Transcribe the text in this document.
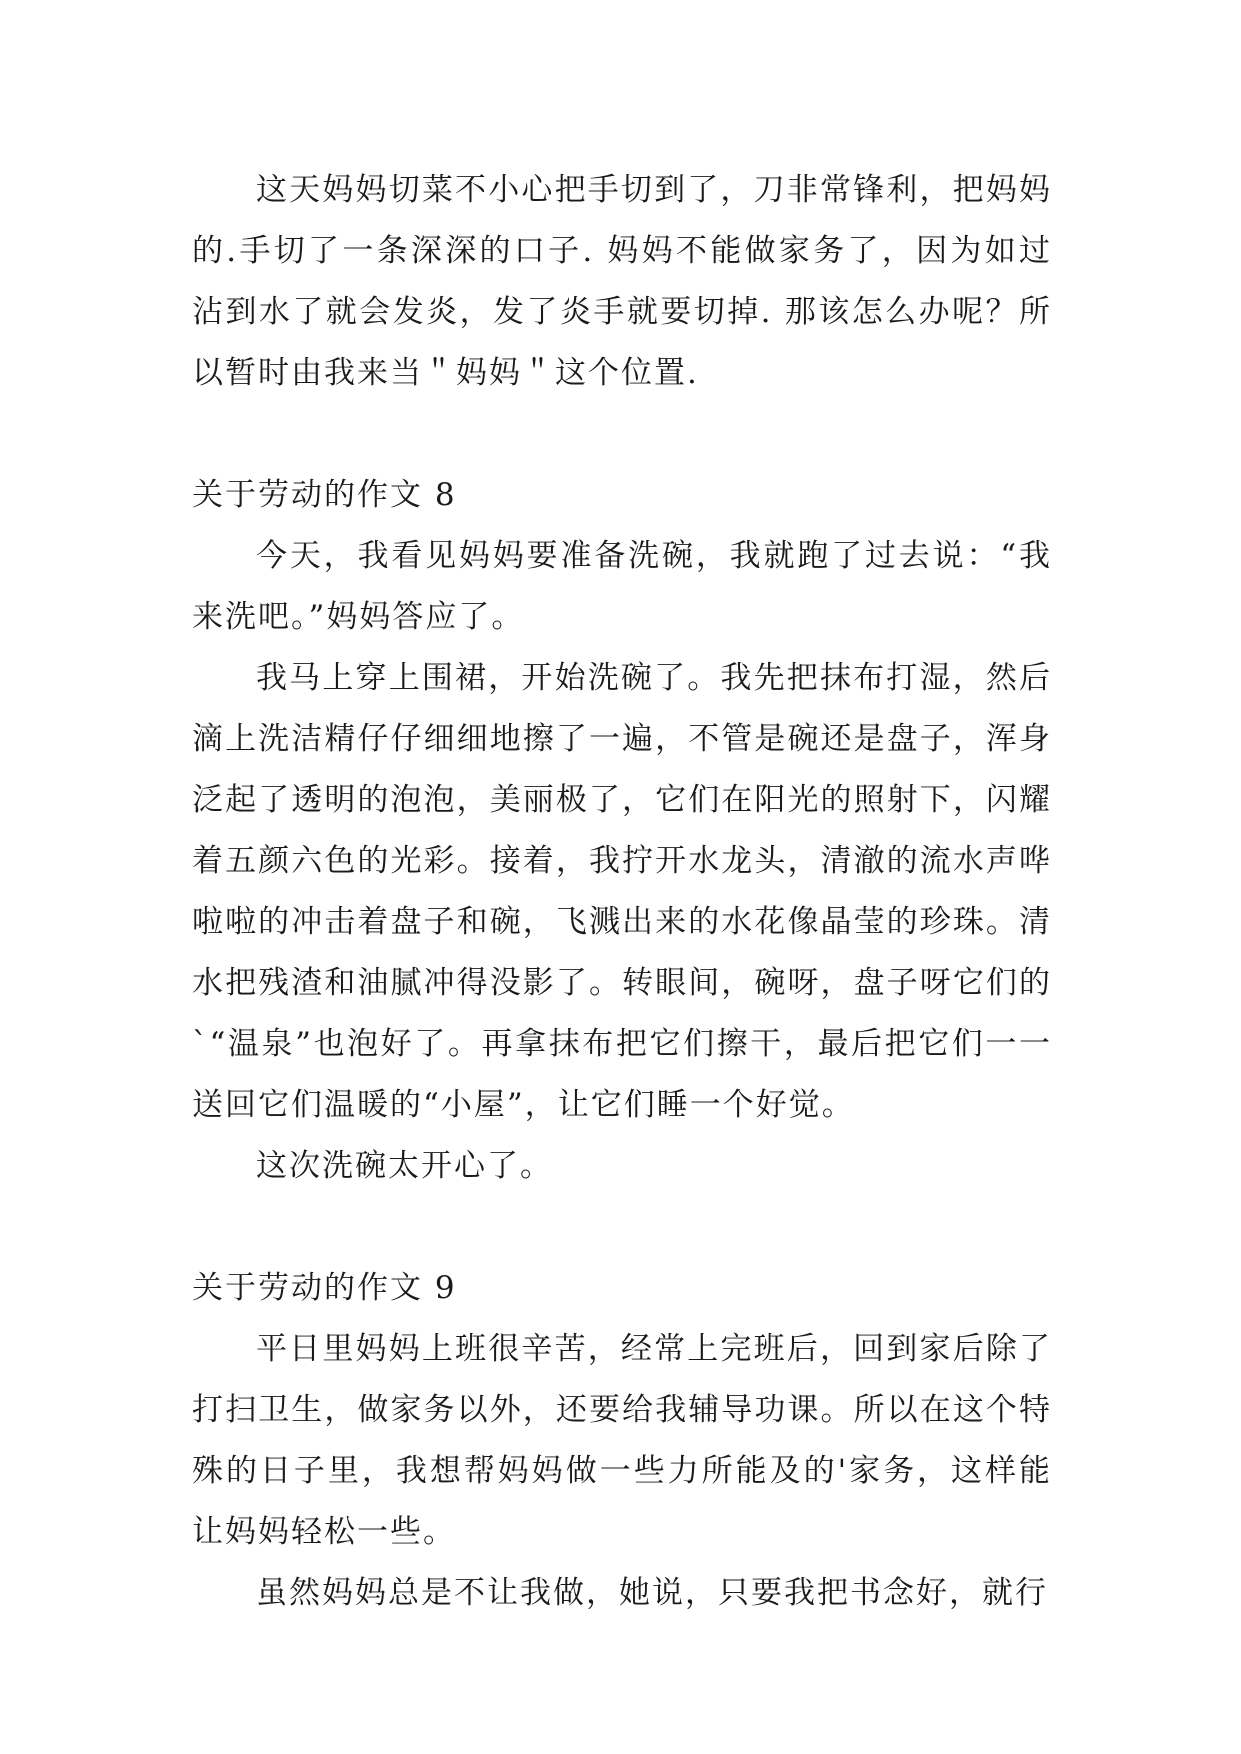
这天妈妈切菜不小心把手切到了，刀非常锋利，把妈妈的.手切了一条深深的口子. 妈妈不能做家务了，因为如过沾到水了就会发炎，发了炎手就要切掉. 那该怎么办呢？所以暂时由我来当＂妈妈＂这个位置.

关于劳动的作文 8

今天，我看见妈妈要准备洗碗，我就跑了过去说：“我来洗吧。”妈妈答应了。

我马上穿上围裙，开始洗碗了。我先把抹布打湿，然后滴上洗洁精仔仔细细地擦了一遍，不管是碗还是盘子，浑身泛起了透明的泡泡，美丽极了，它们在阳光的照射下，闪耀着五颜六色的光彩。接着，我拧开水龙头，清澈的流水声哗啦啦的冲击着盘子和碗，飞溅出来的水花像晶莹的珍珠。清水把残渣和油腻冲得没影了。转眼间，碗呀，盘子呀它们的`“温泉”也泡好了。再拿抹布把它们擦干，最后把它们一一送回它们温暖的“小屋”，让它们睡一个好觉。

这次洗碗太开心了。

关于劳动的作文 9

平日里妈妈上班很辛苦，经常上完班后，回到家后除了打扫卫生，做家务以外，还要给我辅导功课。所以在这个特殊的日子里，我想帮妈妈做一些力所能及的'家务，这样能让妈妈轻松一些。

虽然妈妈总是不让我做，她说，只要我把书念好，就行
